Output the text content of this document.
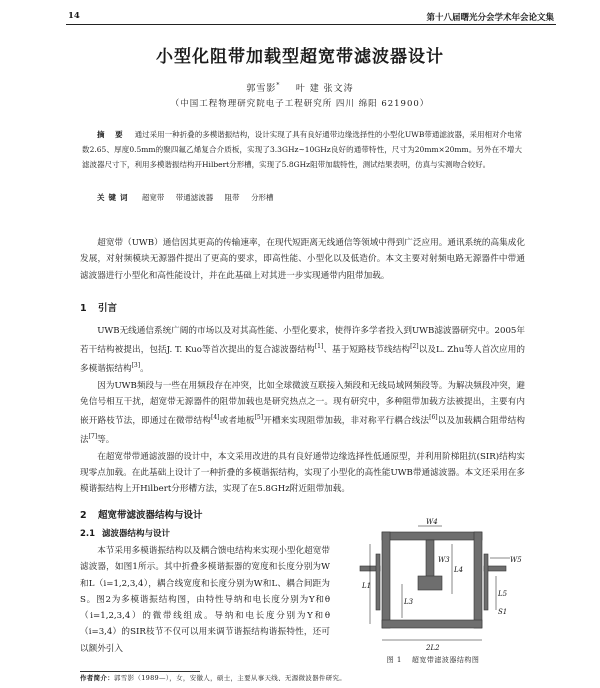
14	第十八届曙光分会学术年会论文集
小型化阻带加载型超宽带滤波器设计
郭雪影* 叶 建 张文涛
（中国工程物理研究院电子工程研究所 四川 绵阳 621900）
摘 要 通过采用一种折叠的多模谐振结构，设计实现了具有良好通带边缘选择性的小型化UWB带通滤波器，采用相对介电常数2.65、厚度0.5mm的聚四氟乙烯复合介质板，实现了3.3GHz~10GHz良好的通带特性，尺寸为20mm×20mm。另外在不增大滤波器尺寸下，利用多模谐振结构开Hilbert分形槽，实现了5.8GHz阻带加载特性，测试结果表明，仿真与实测吻合较好。
关键词 超宽带 带通滤波器 阻带 分形槽
超宽带（UWB）通信因其更高的传输速率，在现代短距离无线通信等领域中得到广泛应用。通讯系统的高集成化发展，对射频模块无源器件提出了更高的要求，即高性能、小型化以及低造价。本文主要对射频电路无源器件中带通滤波器进行小型化和高性能设计，并在此基础上对其进一步实现通带内阻带加载。
1 引言

UWB无线通信系统广阔的市场以及对其高性能、小型化要求，使得许多学者投入到UWB滤波器研究中。2005年若干结构被提出，包括J. T. Kuo等首次提出的复合滤波器结构[1]、基于短路枝节线结构[2]以及L. Zhu等人首次应用的多模谐振结构[3]。

因为UWB频段与一些在用频段存在冲突，比如全球微波互联接入频段和无线局域网频段等。为解决频段冲突，避免信号相互干扰，超宽带无源器件的阻带加载也是研究热点之一。现有研究中，多种阻带加载方法被提出，主要有内嵌开路枝节法，即通过在微带结构[4]或者地板[5]开槽来实现阻带加载，非对称平行耦合线法[6]以及加载耦合阻带结构法[7]等。

在超宽带带通滤波器的设计中，本文采用改进的具有良好通带边缘选择性低通原型，并利用阶梯阻抗(SIR)结构实现零点加载。在此基础上设计了一种折叠的多模谐振结构，实现了小型化的高性能UWB带通滤波器。本文还采用在多模谐振结构上开Hilbert分形槽方法，实现了在5.8GHz附近阻带加载。

2 超宽带滤波器结构与设计
2.1 滤波器结构与设计

本节采用多模谐振结构以及耦合馈电结构来实现小型化超宽带滤波器，如图1所示。其中折叠多模谐振器的宽度和长度分别为W和L（i=1,2,3,4），耦合线宽度和长度分别为W和L、耦合间距为S。图2为多模谐振结构图，由特性导纳和电长度分别为Y和θ（i=1,2,3,4）的微带线组成。导纳和电长度分别为Y和θ（i=3,4）的SIR枝节不仅可以用来调节谐振结构谐振特性，还可以额外引入

W4
W3	W5
L1
L3
L4
L5
S1
2L2
图 1 超宽带滤波器结构图
作者简介：郭雪影（1989—），女，安徽人，硕士，主要从事天线、无源微波器件研究。
